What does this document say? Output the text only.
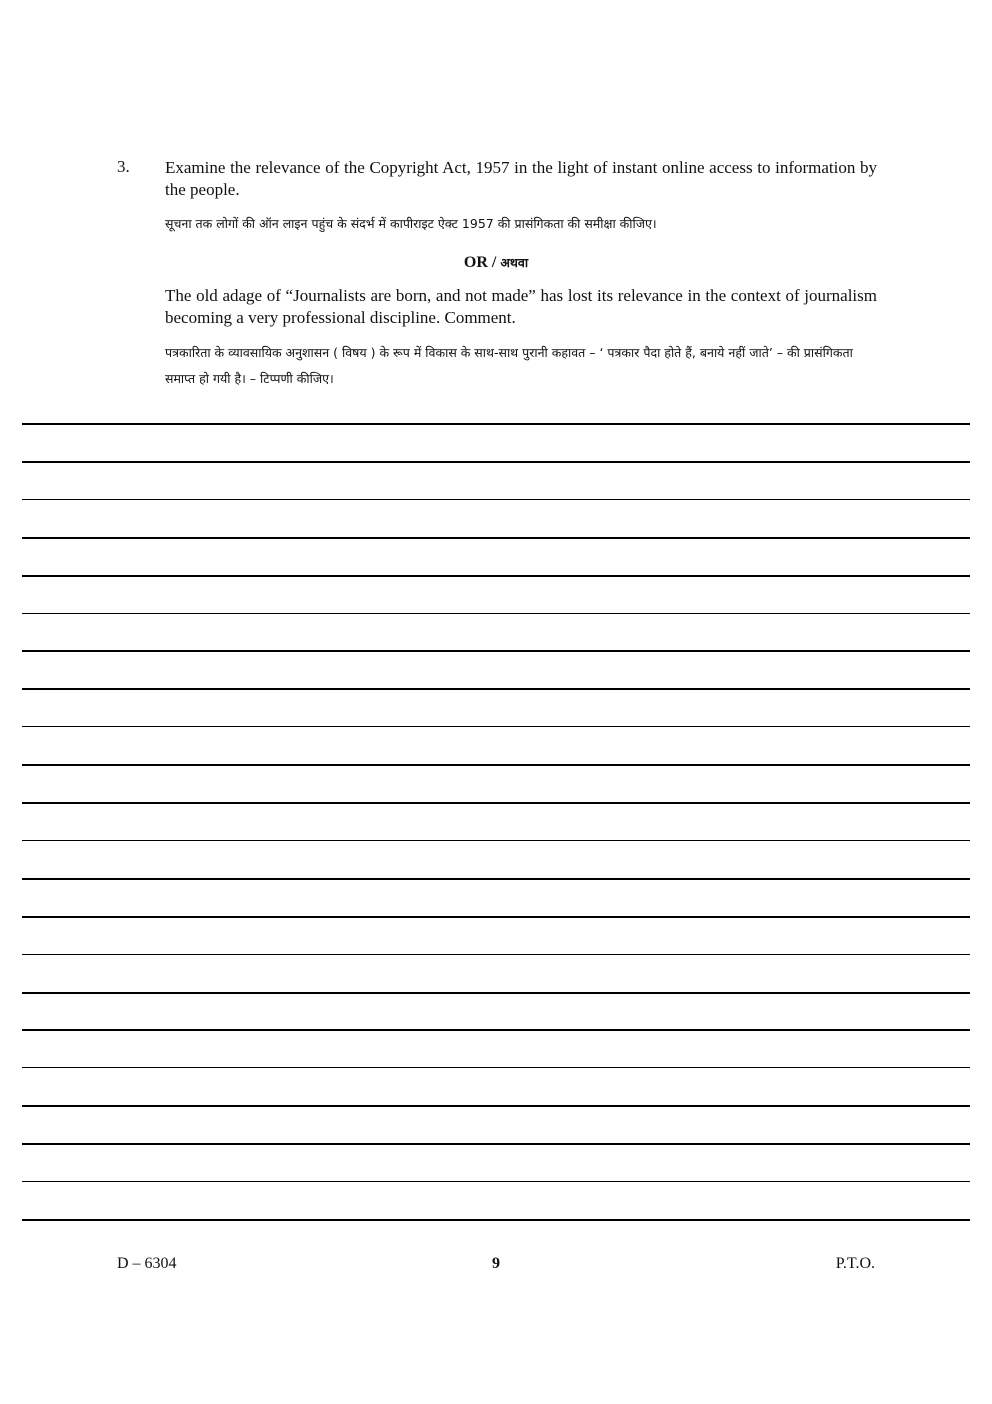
3. Examine the relevance of the Copyright Act, 1957 in the light of instant online access to information by the people.
सूचना तक लोगों की ऑन लाइन पहुंच के संदर्भ में कापीराइट ऐक्ट 1957 की प्रासंगिकता की समीक्षा कीजिए।
OR / अथवा
The old adage of “Journalists are born, and not made” has lost its relevance in the context of journalism becoming a very professional discipline. Comment.
पत्रकारिता के व्यावसायिक अनुशासन ( विषय ) के रूप में विकास के साथ-साथ पुरानी कहावत – ‘ पत्रकार पैदा होते हैं, बनाये नहीं जाते’ – की प्रासंगिकता समाप्त हो गयी है। – टिप्पणी कीजिए।
D – 6304	9	P.T.O.
